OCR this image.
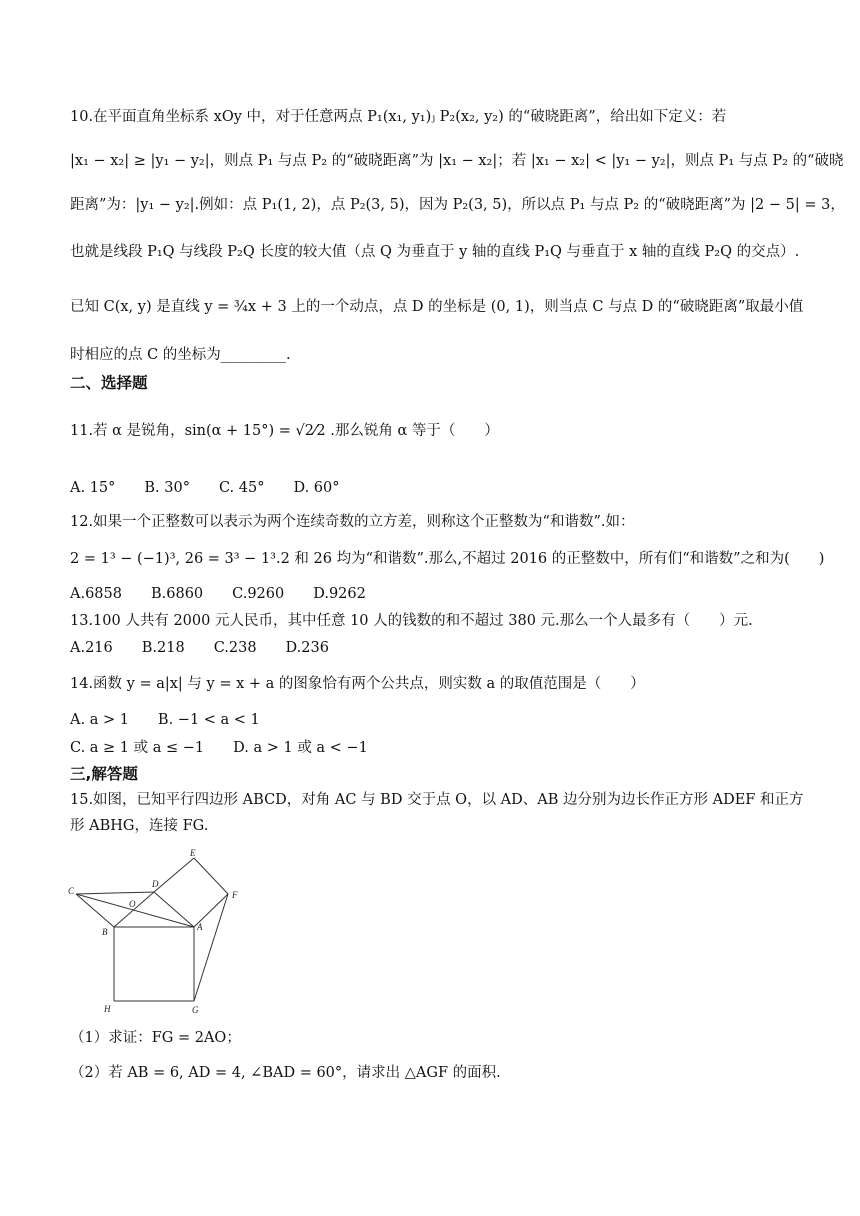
10.在平面直角坐标系 xOy 中，对于任意两点 P₁(x₁, y₁)ⱼ P₂(x₂, y₂) 的“破晓距离”，给出如下定义：若
|x₁ − x₂| ≥ |y₁ − y₂|，则点 P₁ 与点 P₂ 的“破晓距离”为 |x₁ − x₂|；若 |x₁ − x₂| < |y₁ − y₂|，则点 P₁ 与点 P₂ 的“破晓
距离”为：|y₁ − y₂|.例如：点 P₁(1, 2)，点 P₂(3, 5)，因为 P₂(3, 5)，所以点 P₁ 与点 P₂ 的“破晓距离”为 |2 − 5| = 3，
也就是线段 P₁Q 与线段 P₂Q 长度的较大值（点 Q 为垂直于 y 轴的直线 P₁Q 与垂直于 x 轴的直线 P₂Q 的交点）.
已知 C(x, y) 是直线 y = ¾x + 3 上的一个动点，点 D 的坐标是 (0, 1)，则当点 C 与点 D 的“破晓距离”取最小值
时相应的点 C 的坐标为_________.
二、选择题
11.若 α 是锐角，sin(α + 15°) = √2⁄2 .那么锐角 α 等于（　　）
A. 15°　　B. 30°　　C. 45°　　D. 60°
12.如果一个正整数可以表示为两个连续奇数的立方差，则称这个正整数为“和谐数”.如：
2 = 1³ − (−1)³, 26 = 3³ − 1³.2 和 26 均为“和谐数”.那么,不超过 2016 的正整数中，所有们“和谐数”之和为(　　)
A.6858　　B.6860　　C.9260　　D.9262
13.100 人共有 2000 元人民币，其中任意 10 人的钱数的和不超过 380 元.那么一个人最多有（　　）元.
A.216　　B.218　　C.238　　D.236
14.函数 y = a|x| 与 y = x + a 的图象恰有两个公共点，则实数 a 的取值范围是（　　）
A. a > 1　　B. −1 < a < 1
C. a ≥ 1 或 a ≤ −1　　D. a > 1 或 a < −1
三,解答题
15.如图，已知平行四边形 ABCD，对角 AC 与 BD 交于点 O，以 AD、AB 边分别为边长作正方形 ADEF 和正方
形 ABHG，连接 FG.
C
D
E
O
F
B	A
H	G
（1）求证：FG = 2AO；
（2）若 AB = 6, AD = 4, ∠BAD = 60°，请求出 △AGF 的面积.
